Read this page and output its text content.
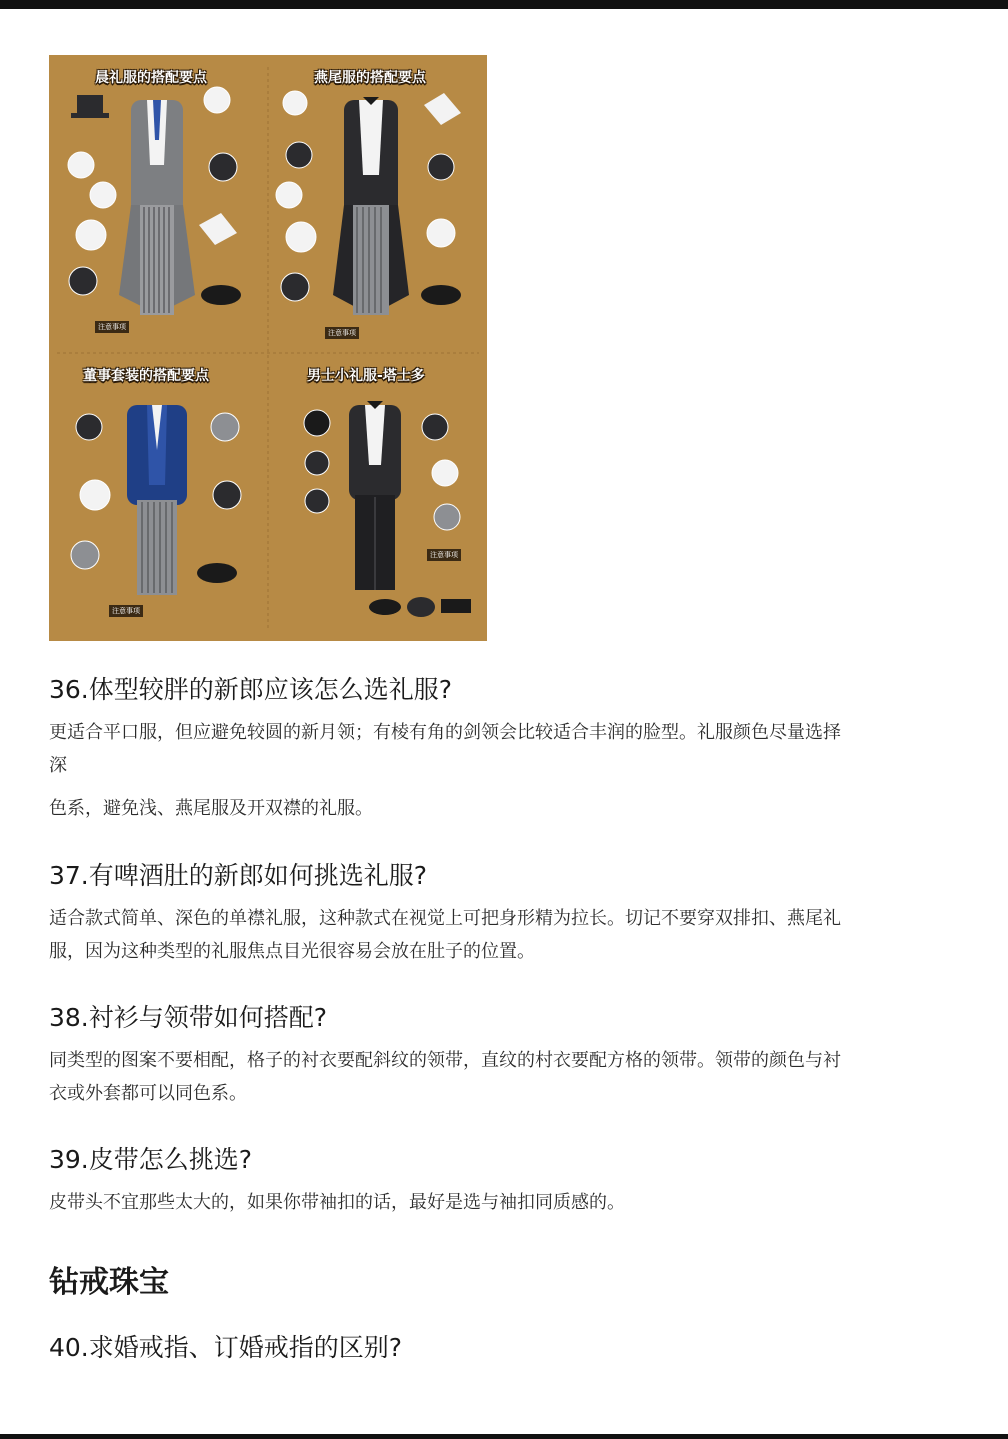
晨礼服的搭配要点	燕尾服的搭配要点
董事套装的搭配要点	男士小礼服-塔士多
注意事项
注意事项
注意事项
注意事项
36.体型较胖的新郎应该怎么选礼服?

更适合平口服，但应避免较圆的新月领；有棱有角的剑领会比较适合丰润的脸型。礼服颜色尽量选择
深

色系，避免浅、燕尾服及开双襟的礼服。

37.有啤酒肚的新郎如何挑选礼服?

适合款式简单、深色的单襟礼服，这种款式在视觉上可把身形精为拉长。切记不要穿双排扣、燕尾礼
服，因为这种类型的礼服焦点目光很容易会放在肚子的位置。

38.衬衫与领带如何搭配?

同类型的图案不要相配，格子的衬衣要配斜纹的领带，直纹的村衣要配方格的领带。领带的颜色与衬
衣或外套都可以同色系。

39.皮带怎么挑选?

皮带头不宜那些太大的，如果你带袖扣的话，最好是选与袖扣同质感的。

钻戒珠宝
40.求婚戒指、订婚戒指的区别?
